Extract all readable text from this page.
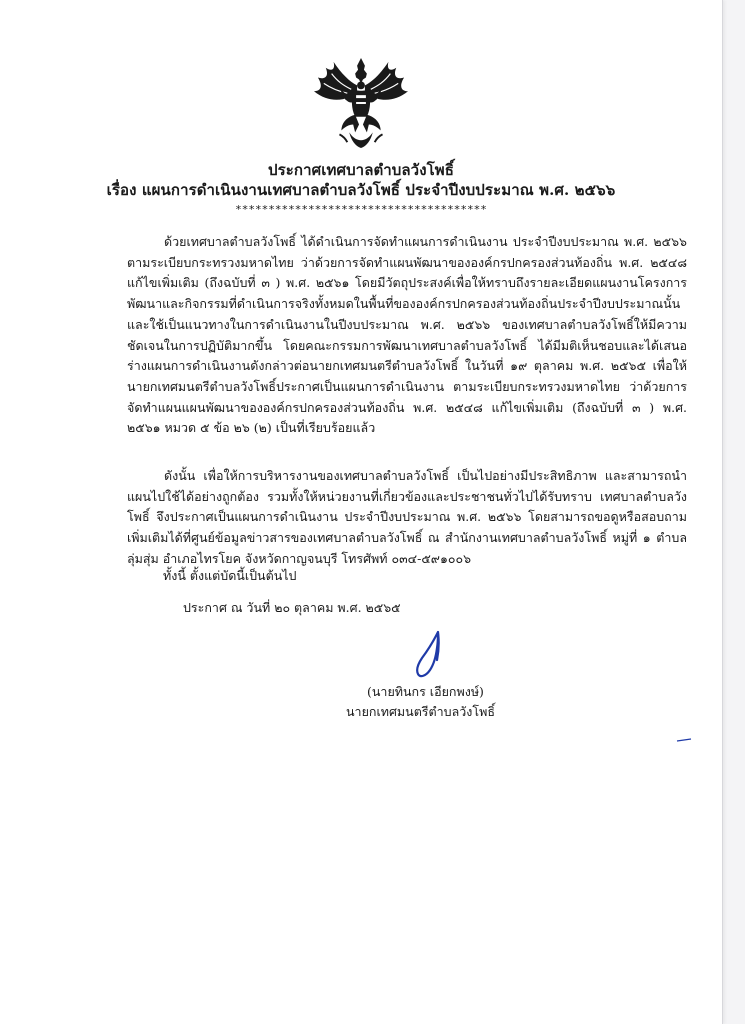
ประกาศเทศบาลตำบลวังโพธิ์
เรื่อง แผนการดำเนินงานเทศบาลตำบลวังโพธิ์ ประจำปีงบประมาณ พ.ศ. ๒๕๖๖
**************************************

ด้วยเทศบาลตำบลวังโพธิ์ ได้ดำเนินการจัดทำแผนการดำเนินงาน ประจำปีงบประมาณ พ.ศ. ๒๕๖๖ ตามระเบียบกระทรวงมหาดไทย ว่าด้วยการจัดทำแผนพัฒนาขององค์กรปกครองส่วนท้องถิ่น พ.ศ. ๒๕๔๘ แก้ไขเพิ่มเติม (ถึงฉบับที่ ๓ ) พ.ศ. ๒๕๖๑ โดยมีวัตถุประสงค์เพื่อให้ทราบถึงรายละเอียดแผนงานโครงการพัฒนาและกิจกรรมที่ดำเนินการจริงทั้งหมดในพื้นที่ขององค์กรปกครองส่วนท้องถิ่นประจำปีงบประมาณนั้น และใช้เป็นแนวทางในการดำเนินงานในปีงบประมาณ พ.ศ. ๒๕๖๖ ของเทศบาลตำบลวังโพธิ์ให้มีความชัดเจนในการปฏิบัติมากขึ้น โดยคณะกรรมการพัฒนาเทศบาลตำบลวังโพธิ์ ได้มีมติเห็นชอบและได้เสนอร่างแผนการดำเนินงานดังกล่าวต่อนายกเทศมนตรีตำบลวังโพธิ์ ในวันที่ ๑๙ ตุลาคม พ.ศ. ๒๕๖๕ เพื่อให้นายกเทศมนตรีตำบลวังโพธิ์ประกาศเป็นแผนการดำเนินงาน ตามระเบียบกระทรวงมหาดไทย ว่าด้วยการจัดทำแผนแผนพัฒนาขององค์กรปกครองส่วนท้องถิ่น พ.ศ. ๒๕๔๘ แก้ไขเพิ่มเติม (ถึงฉบับที่ ๓ ) พ.ศ. ๒๕๖๑ หมวด ๕ ข้อ ๒๖ (๒) เป็นที่เรียบร้อยแล้ว

ดังนั้น เพื่อให้การบริหารงานของเทศบาลตำบลวังโพธิ์ เป็นไปอย่างมีประสิทธิภาพ และสามารถนำแผนไปใช้ได้อย่างถูกต้อง รวมทั้งให้หน่วยงานที่เกี่ยวข้องและประชาชนทั่วไปได้รับทราบ เทศบาลตำบลวังโพธิ์ จึงประกาศเป็นแผนการดำเนินงาน ประจำปีงบประมาณ พ.ศ. ๒๕๖๖ โดยสามารถขอดูหรือสอบถามเพิ่มเติมได้ที่ศูนย์ข้อมูลข่าวสารของเทศบาลตำบลวังโพธิ์ ณ สำนักงานเทศบาลตำบลวังโพธิ์ หมู่ที่ ๑ ตำบลลุ่มสุ่ม อำเภอไทรโยค จังหวัดกาญจนบุรี โทรศัพท์ ๐๓๔-๕๙๑๐๐๖

ทั้งนี้ ตั้งแต่บัดนี้เป็นต้นไป

ประกาศ ณ วันที่ ๒๐ ตุลาคม พ.ศ. ๒๕๖๕

(นายทินกร เอียกพงษ์)

นายกเทศมนตรีตำบลวังโพธิ์
